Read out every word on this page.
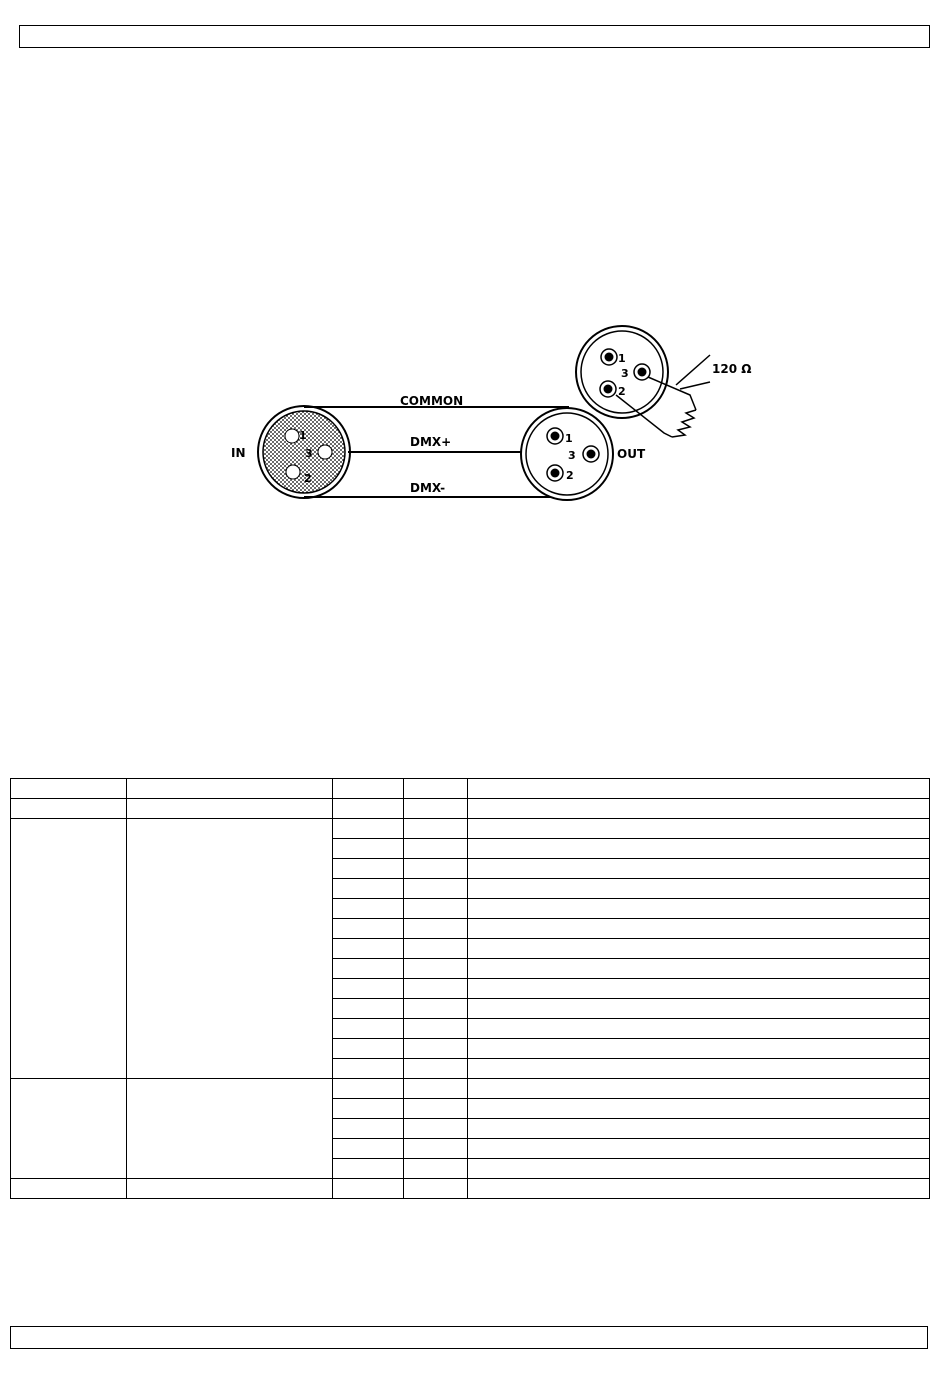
1
3
2
COMMON
DMX+
DMX-
IN	OUT
1
3
2
1
3
2
120 Ω
